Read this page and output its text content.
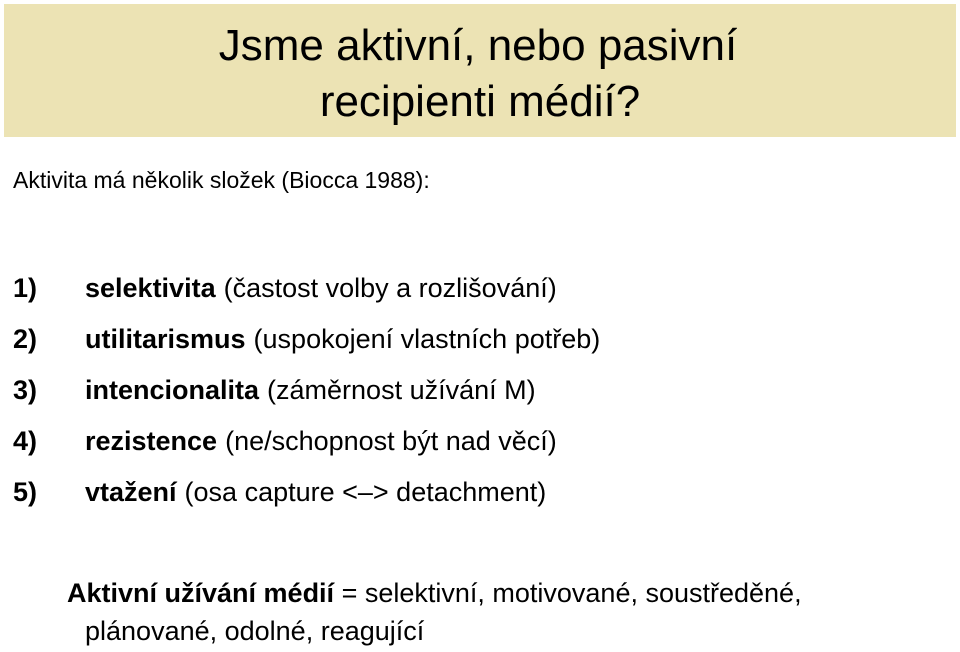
Jsme aktivní, nebo pasivní
recipienti médií?
Aktivita má několik složek (Biocca 1988):
1)	selektivita (častost volby a rozlišování)
2)	utilitarismus (uspokojení vlastních potřeb)
3)	intencionalita (záměrnost užívání M)
4)	rezistence (ne/schopnost být nad věcí)
5)	vtažení (osa capture <–> detachment)
Aktivní užívání médií = selektivní, motivované, soustředěné,
plánované, odolné, reagující
